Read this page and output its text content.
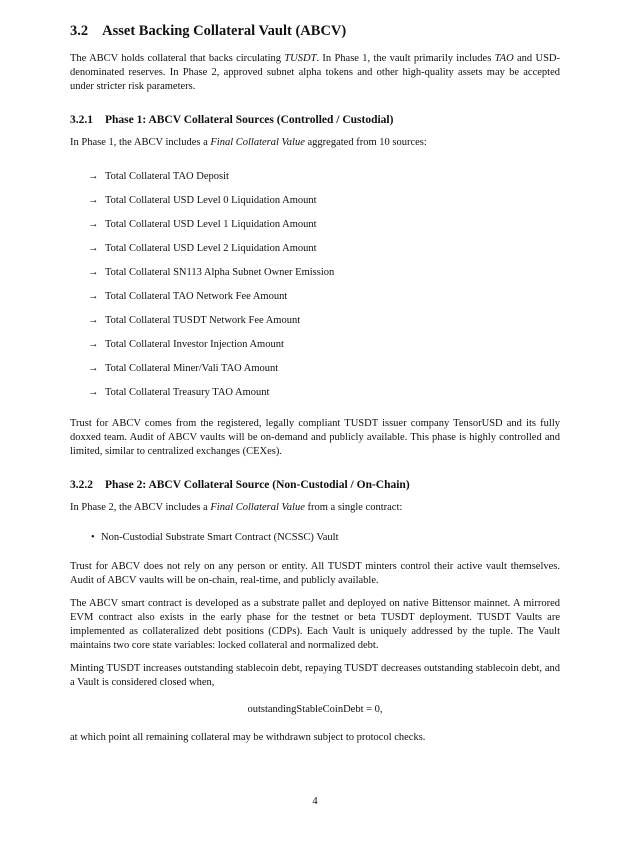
3.2 Asset Backing Collateral Vault (ABCV)

The ABCV holds collateral that backs circulating TUSDT. In Phase 1, the vault primarily includes TAO and USD-denominated reserves. In Phase 2, approved subnet alpha tokens and other high-quality assets may be accepted under stricter risk parameters.

3.2.1 Phase 1: ABCV Collateral Sources (Controlled / Custodial)

In Phase 1, the ABCV includes a Final Collateral Value aggregated from 10 sources:

→ Total Collateral TAO Deposit
→ Total Collateral USD Level 0 Liquidation Amount
→ Total Collateral USD Level 1 Liquidation Amount
→ Total Collateral USD Level 2 Liquidation Amount
→ Total Collateral SN113 Alpha Subnet Owner Emission
→ Total Collateral TAO Network Fee Amount
→ Total Collateral TUSDT Network Fee Amount
→ Total Collateral Investor Injection Amount
→ Total Collateral Miner/Vali TAO Amount
→ Total Collateral Treasury TAO Amount

Trust for ABCV comes from the registered, legally compliant TUSDT issuer company TensorUSD and its fully doxxed team. Audit of ABCV vaults will be on-demand and publicly available. This phase is highly controlled and limited, similar to centralized exchanges (CEXes).

3.2.2 Phase 2: ABCV Collateral Source (Non-Custodial / On-Chain)

In Phase 2, the ABCV includes a Final Collateral Value from a single contract:

• Non-Custodial Substrate Smart Contract (NCSSC) Vault

Trust for ABCV does not rely on any person or entity. All TUSDT minters control their active vault themselves. Audit of ABCV vaults will be on-chain, real-time, and publicly available.

The ABCV smart contract is developed as a substrate pallet and deployed on native Bittensor mainnet. A mirrored EVM contract also exists in the early phase for the testnet or beta TUSDT deployment. TUSDT Vaults are implemented as collateralized debt positions (CDPs). Each Vault is uniquely addressed by the tuple. The Vault maintains two core state variables: locked collateral and normalized debt.

Minting TUSDT increases outstanding stablecoin debt, repaying TUSDT decreases outstanding stablecoin debt, and a Vault is considered closed when,

outstandingStableCoinDebt = 0,

at which point all remaining collateral may be withdrawn subject to protocol checks.

4
